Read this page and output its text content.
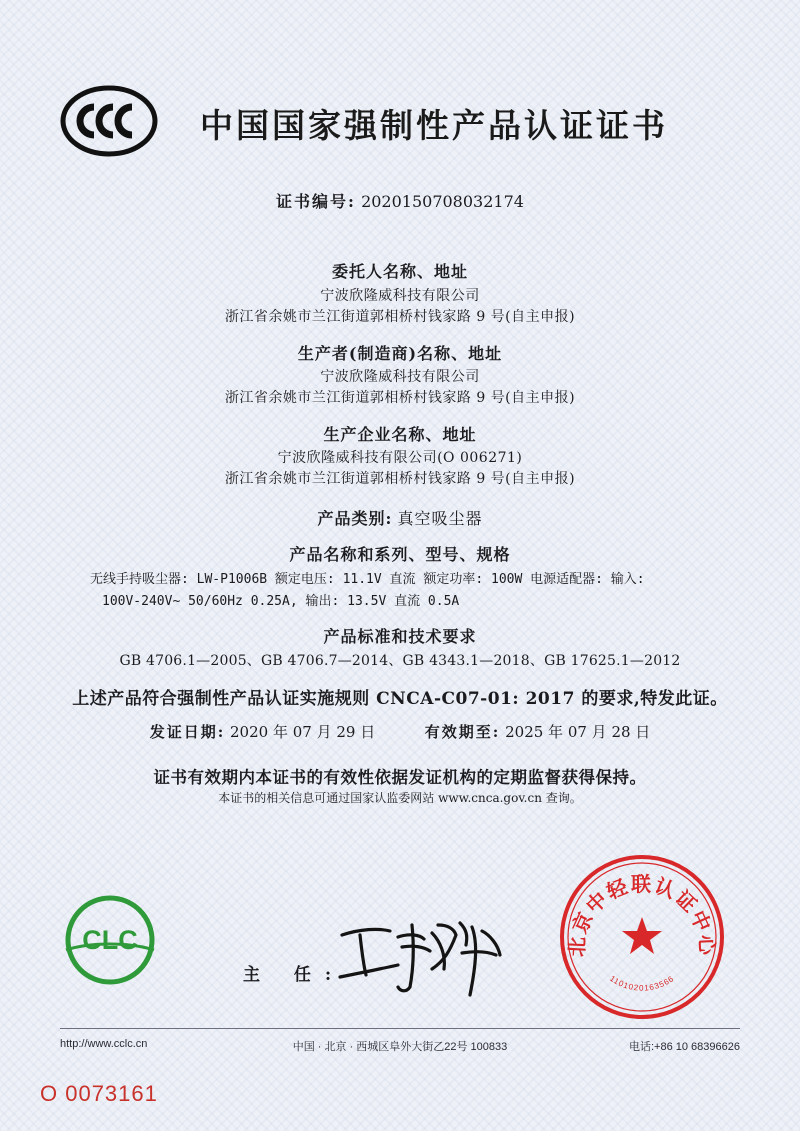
中国国家强制性产品认证证书
证书编号: 2020150708032174
委托人名称、地址
宁波欣隆威科技有限公司
浙江省余姚市兰江街道郭相桥村钱家路 9 号(自主申报)
生产者(制造商)名称、地址
宁波欣隆威科技有限公司
浙江省余姚市兰江街道郭相桥村钱家路 9 号(自主申报)
生产企业名称、地址
宁波欣隆威科技有限公司(O 006271)
浙江省余姚市兰江街道郭相桥村钱家路 9 号(自主申报)
产品类别: 真空吸尘器
产品名称和系列、型号、规格
无线手持吸尘器: LW-P1006B 额定电压: 11.1V 直流 额定功率: 100W 电源适配器: 输入:
100V-240V~ 50/60Hz 0.25A, 输出: 13.5V 直流 0.5A
产品标准和技术要求
GB 4706.1—2005、GB 4706.7—2014、GB 4343.1—2018、GB 17625.1—2012
上述产品符合强制性产品认证实施规则 CNCA-C07-01: 2017 的要求,特发此证。
发证日期: 2020 年 07 月 29 日	有效期至: 2025 年 07 月 28 日
证书有效期内本证书的有效性依据发证机构的定期监督获得保持。
本证书的相关信息可通过国家认监委网站 www.cnca.gov.cn 查询。
CLC
主 任:
北京中轻联认证中心
1101020163566
http://www.cclc.cn	中国 · 北京 · 西城区阜外大街乙22号 100833	电话:+86 10 68396626
O 0073161
